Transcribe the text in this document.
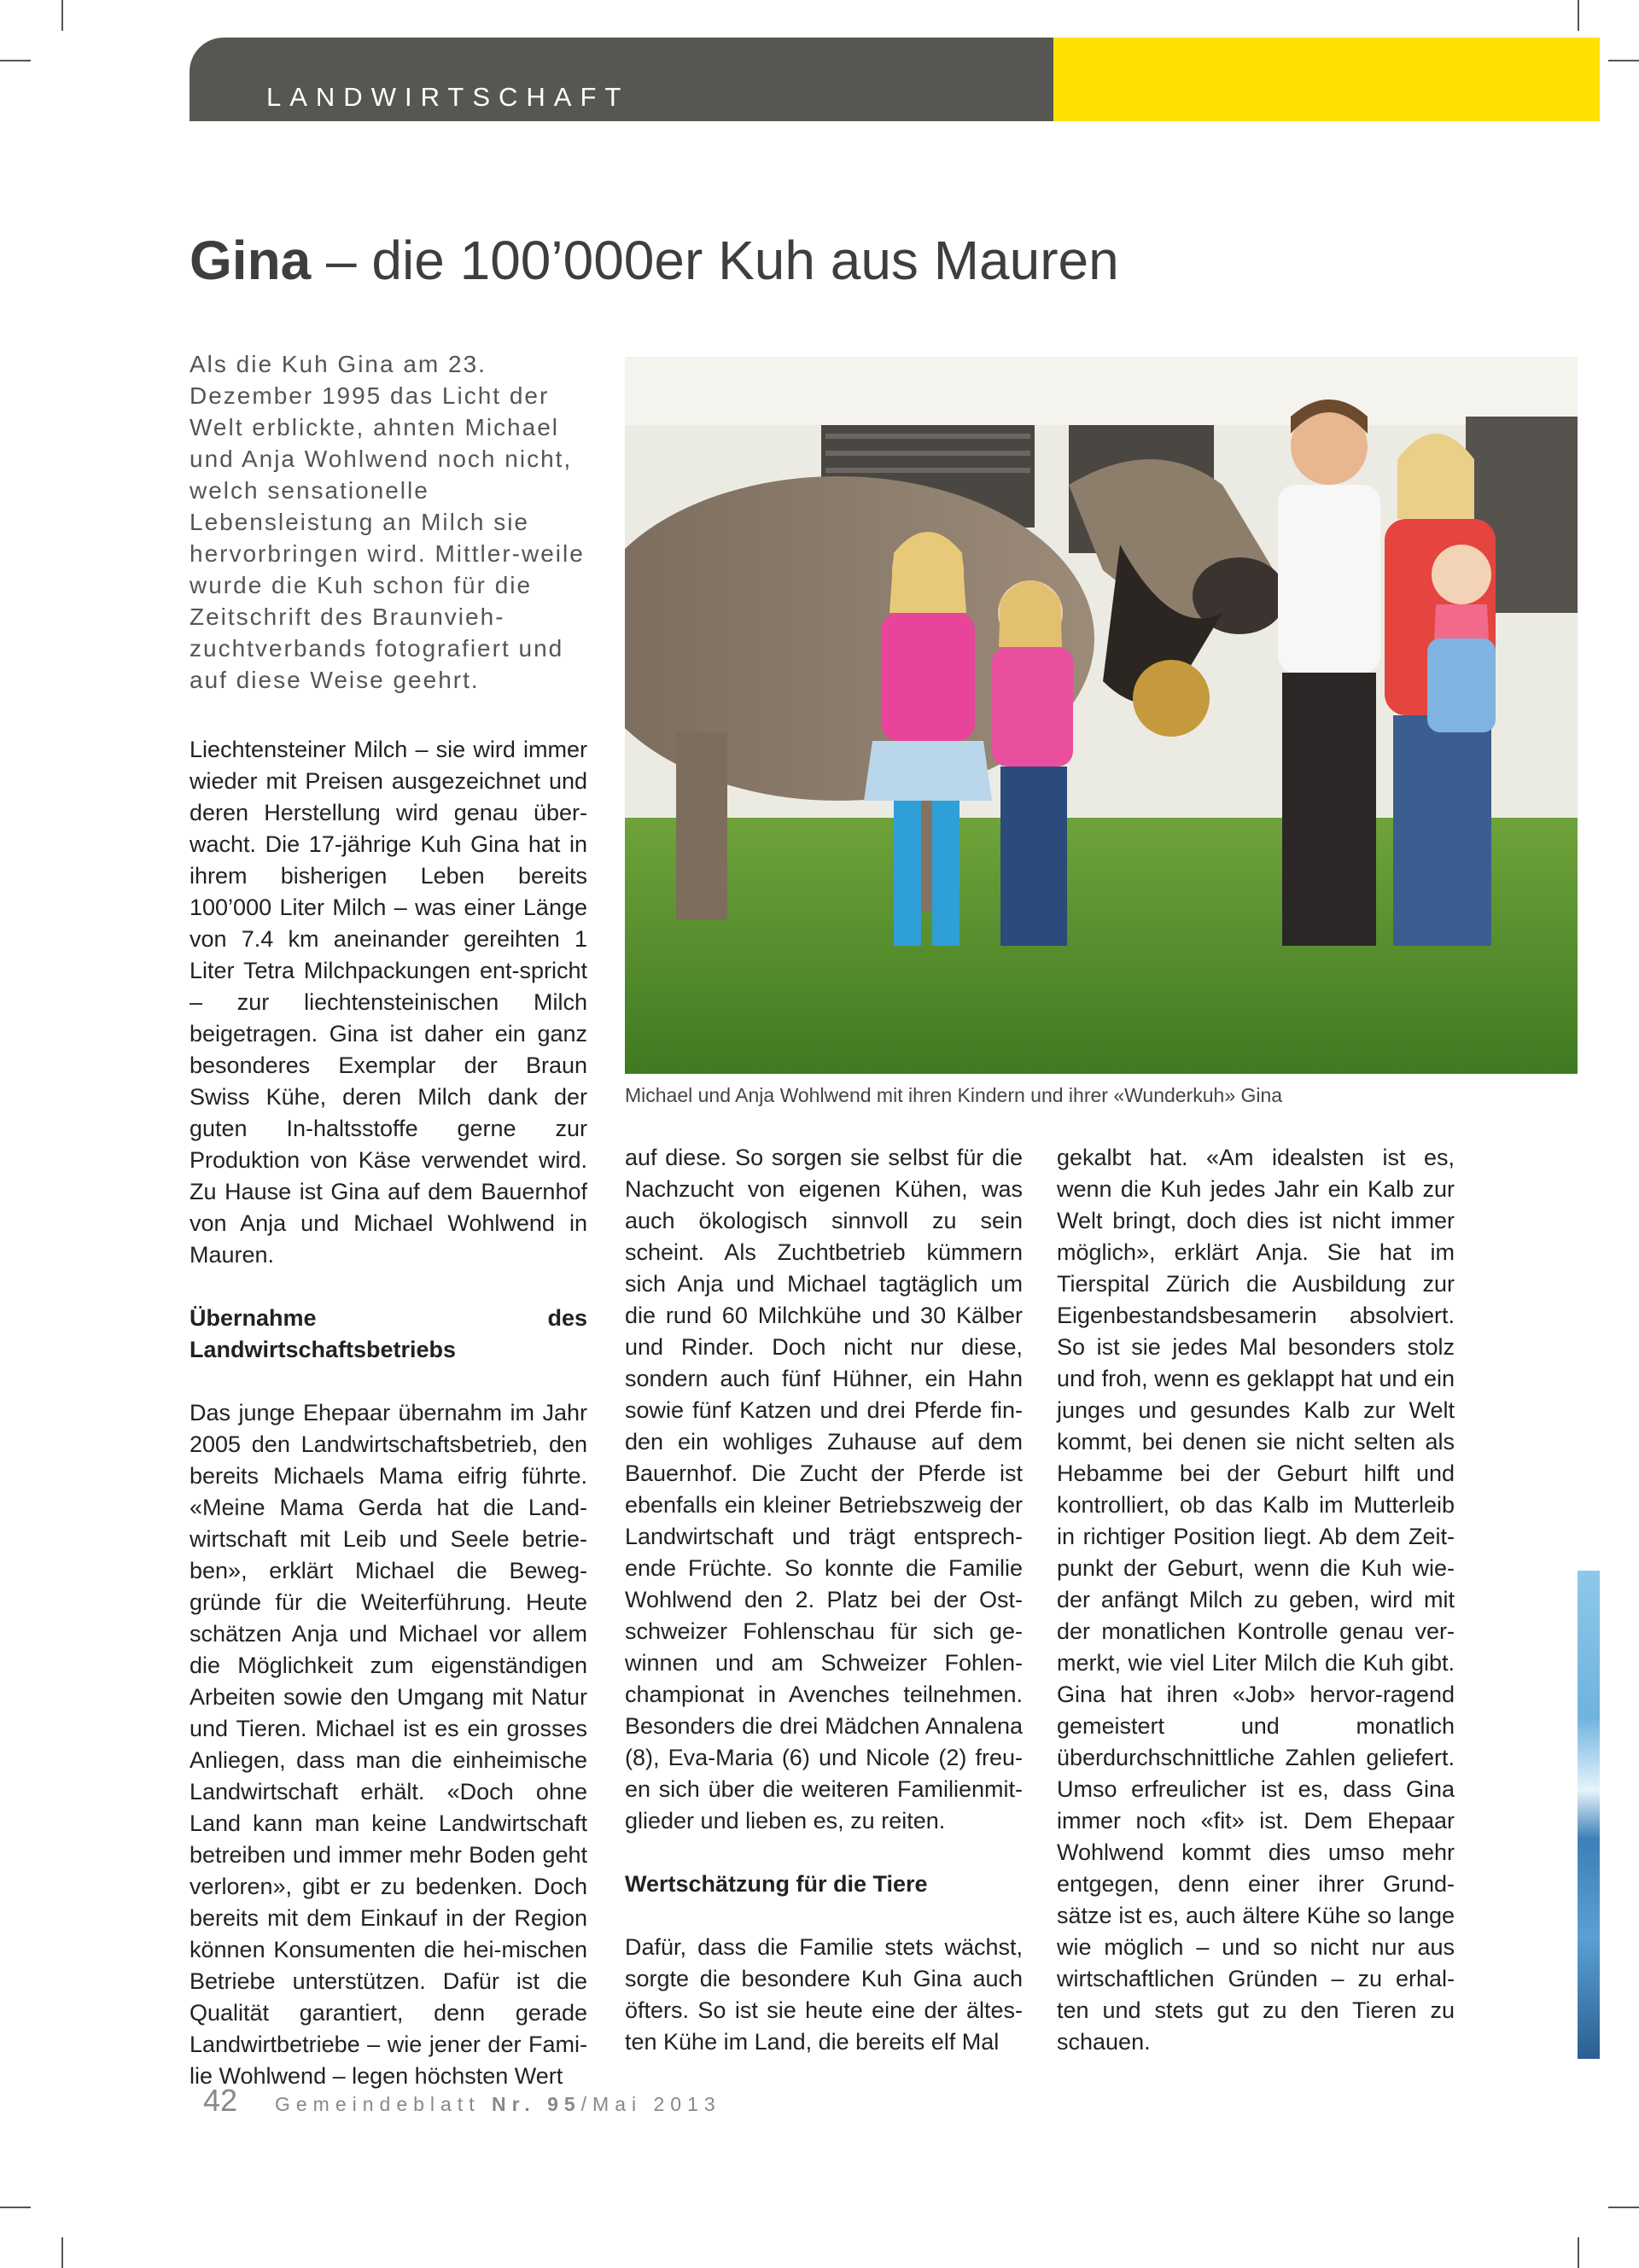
LANDWIRTSCHAFT
Gina – die 100’000er Kuh aus Mauren

Als die Kuh Gina am 23. Dezember 1995 das Licht der Welt erblickte, ahnten Michael und Anja Wohlwend noch nicht, welch sensationelle Lebensleistung an Milch sie hervorbringen wird. Mittler-weile wurde die Kuh schon für die Zeitschrift des Braunvieh-zuchtverbands fotografiert und auf diese Weise geehrt.

Liechtensteiner Milch – sie wird immer wieder mit Preisen ausgezeichnet und deren Herstellung wird genau über-wacht. Die 17-jährige Kuh Gina hat in ihrem bisherigen Leben bereits 100’000 Liter Milch – was einer Länge von 7.4 km aneinander gereihten 1 Liter Tetra Milchpackungen ent-spricht – zur liechtensteinischen Milch beigetragen. Gina ist daher ein ganz besonderes Exemplar der Braun Swiss Kühe, deren Milch dank der guten In-haltsstoffe gerne zur Produktion von Käse verwendet wird. Zu Hause ist Gina auf dem Bauernhof von Anja und Michael Wohlwend in Mauren.

Übernahme des Landwirtschaftsbetriebs

Das junge Ehepaar übernahm im Jahr 2005 den Landwirtschaftsbetrieb, den bereits Michaels Mama eifrig führte. «Meine Mama Gerda hat die Land-wirtschaft mit Leib und Seele betrie-ben», erklärt Michael die Beweg-gründe für die Weiterführung. Heute schätzen Anja und Michael vor allem die Möglichkeit zum eigenständigen Arbeiten sowie den Umgang mit Natur und Tieren. Michael ist es ein grosses Anliegen, dass man die einheimische Landwirtschaft erhält. «Doch ohne Land kann man keine Landwirtschaft betreiben und immer mehr Boden geht verloren», gibt er zu bedenken. Doch bereits mit dem Einkauf in der Region können Konsumenten die hei-mischen Betriebe unterstützen. Dafür ist die Qualität garantiert, denn gerade Landwirtbetriebe – wie jener der Fami-lie Wohlwend – legen höchsten Wert

Michael und Anja Wohlwend mit ihren Kindern und ihrer «Wunderkuh» Gina

auf diese. So sorgen sie selbst für die Nachzucht von eigenen Kühen, was auch ökologisch sinnvoll zu sein scheint. Als Zuchtbetrieb kümmern sich Anja und Michael tagtäglich um die rund 60 Milchkühe und 30 Kälber und Rinder. Doch nicht nur diese, sondern auch fünf Hühner, ein Hahn sowie fünf Katzen und drei Pferde fin-den ein wohliges Zuhause auf dem Bauernhof. Die Zucht der Pferde ist ebenfalls ein kleiner Betriebszweig der Landwirtschaft und trägt entsprech-ende Früchte. So konnte die Familie Wohlwend den 2. Platz bei der Ost-schweizer Fohlenschau für sich ge-winnen und am Schweizer Fohlen-championat in Avenches teilnehmen. Besonders die drei Mädchen Annalena (8), Eva-Maria (6) und Nicole (2) freu-en sich über die weiteren Familienmit-glieder und lieben es, zu reiten.

Wertschätzung für die Tiere

Dafür, dass die Familie stets wächst, sorgte die besondere Kuh Gina auch öfters. So ist sie heute eine der ältes-ten Kühe im Land, die bereits elf Mal

gekalbt hat. «Am idealsten ist es, wenn die Kuh jedes Jahr ein Kalb zur Welt bringt, doch dies ist nicht immer möglich», erklärt Anja. Sie hat im Tierspital Zürich die Ausbildung zur Eigenbestandsbesamerin absolviert. So ist sie jedes Mal besonders stolz und froh, wenn es geklappt hat und ein junges und gesundes Kalb zur Welt kommt, bei denen sie nicht selten als Hebamme bei der Geburt hilft und kontrolliert, ob das Kalb im Mutterleib in richtiger Position liegt. Ab dem Zeit-punkt der Geburt, wenn die Kuh wie-der anfängt Milch zu geben, wird mit der monatlichen Kontrolle genau ver-merkt, wie viel Liter Milch die Kuh gibt. Gina hat ihren «Job» hervor-ragend gemeistert und monatlich überdurchschnittliche Zahlen geliefert. Umso erfreulicher ist es, dass Gina immer noch «fit» ist. Dem Ehepaar Wohlwend kommt dies umso mehr entgegen, denn einer ihrer Grund-sätze ist es, auch ältere Kühe so lange wie möglich – und so nicht nur aus wirtschaftlichen Gründen – zu erhal-ten und stets gut zu den Tieren zu schauen.

42 Gemeindeblatt Nr. 95/Mai 2013
